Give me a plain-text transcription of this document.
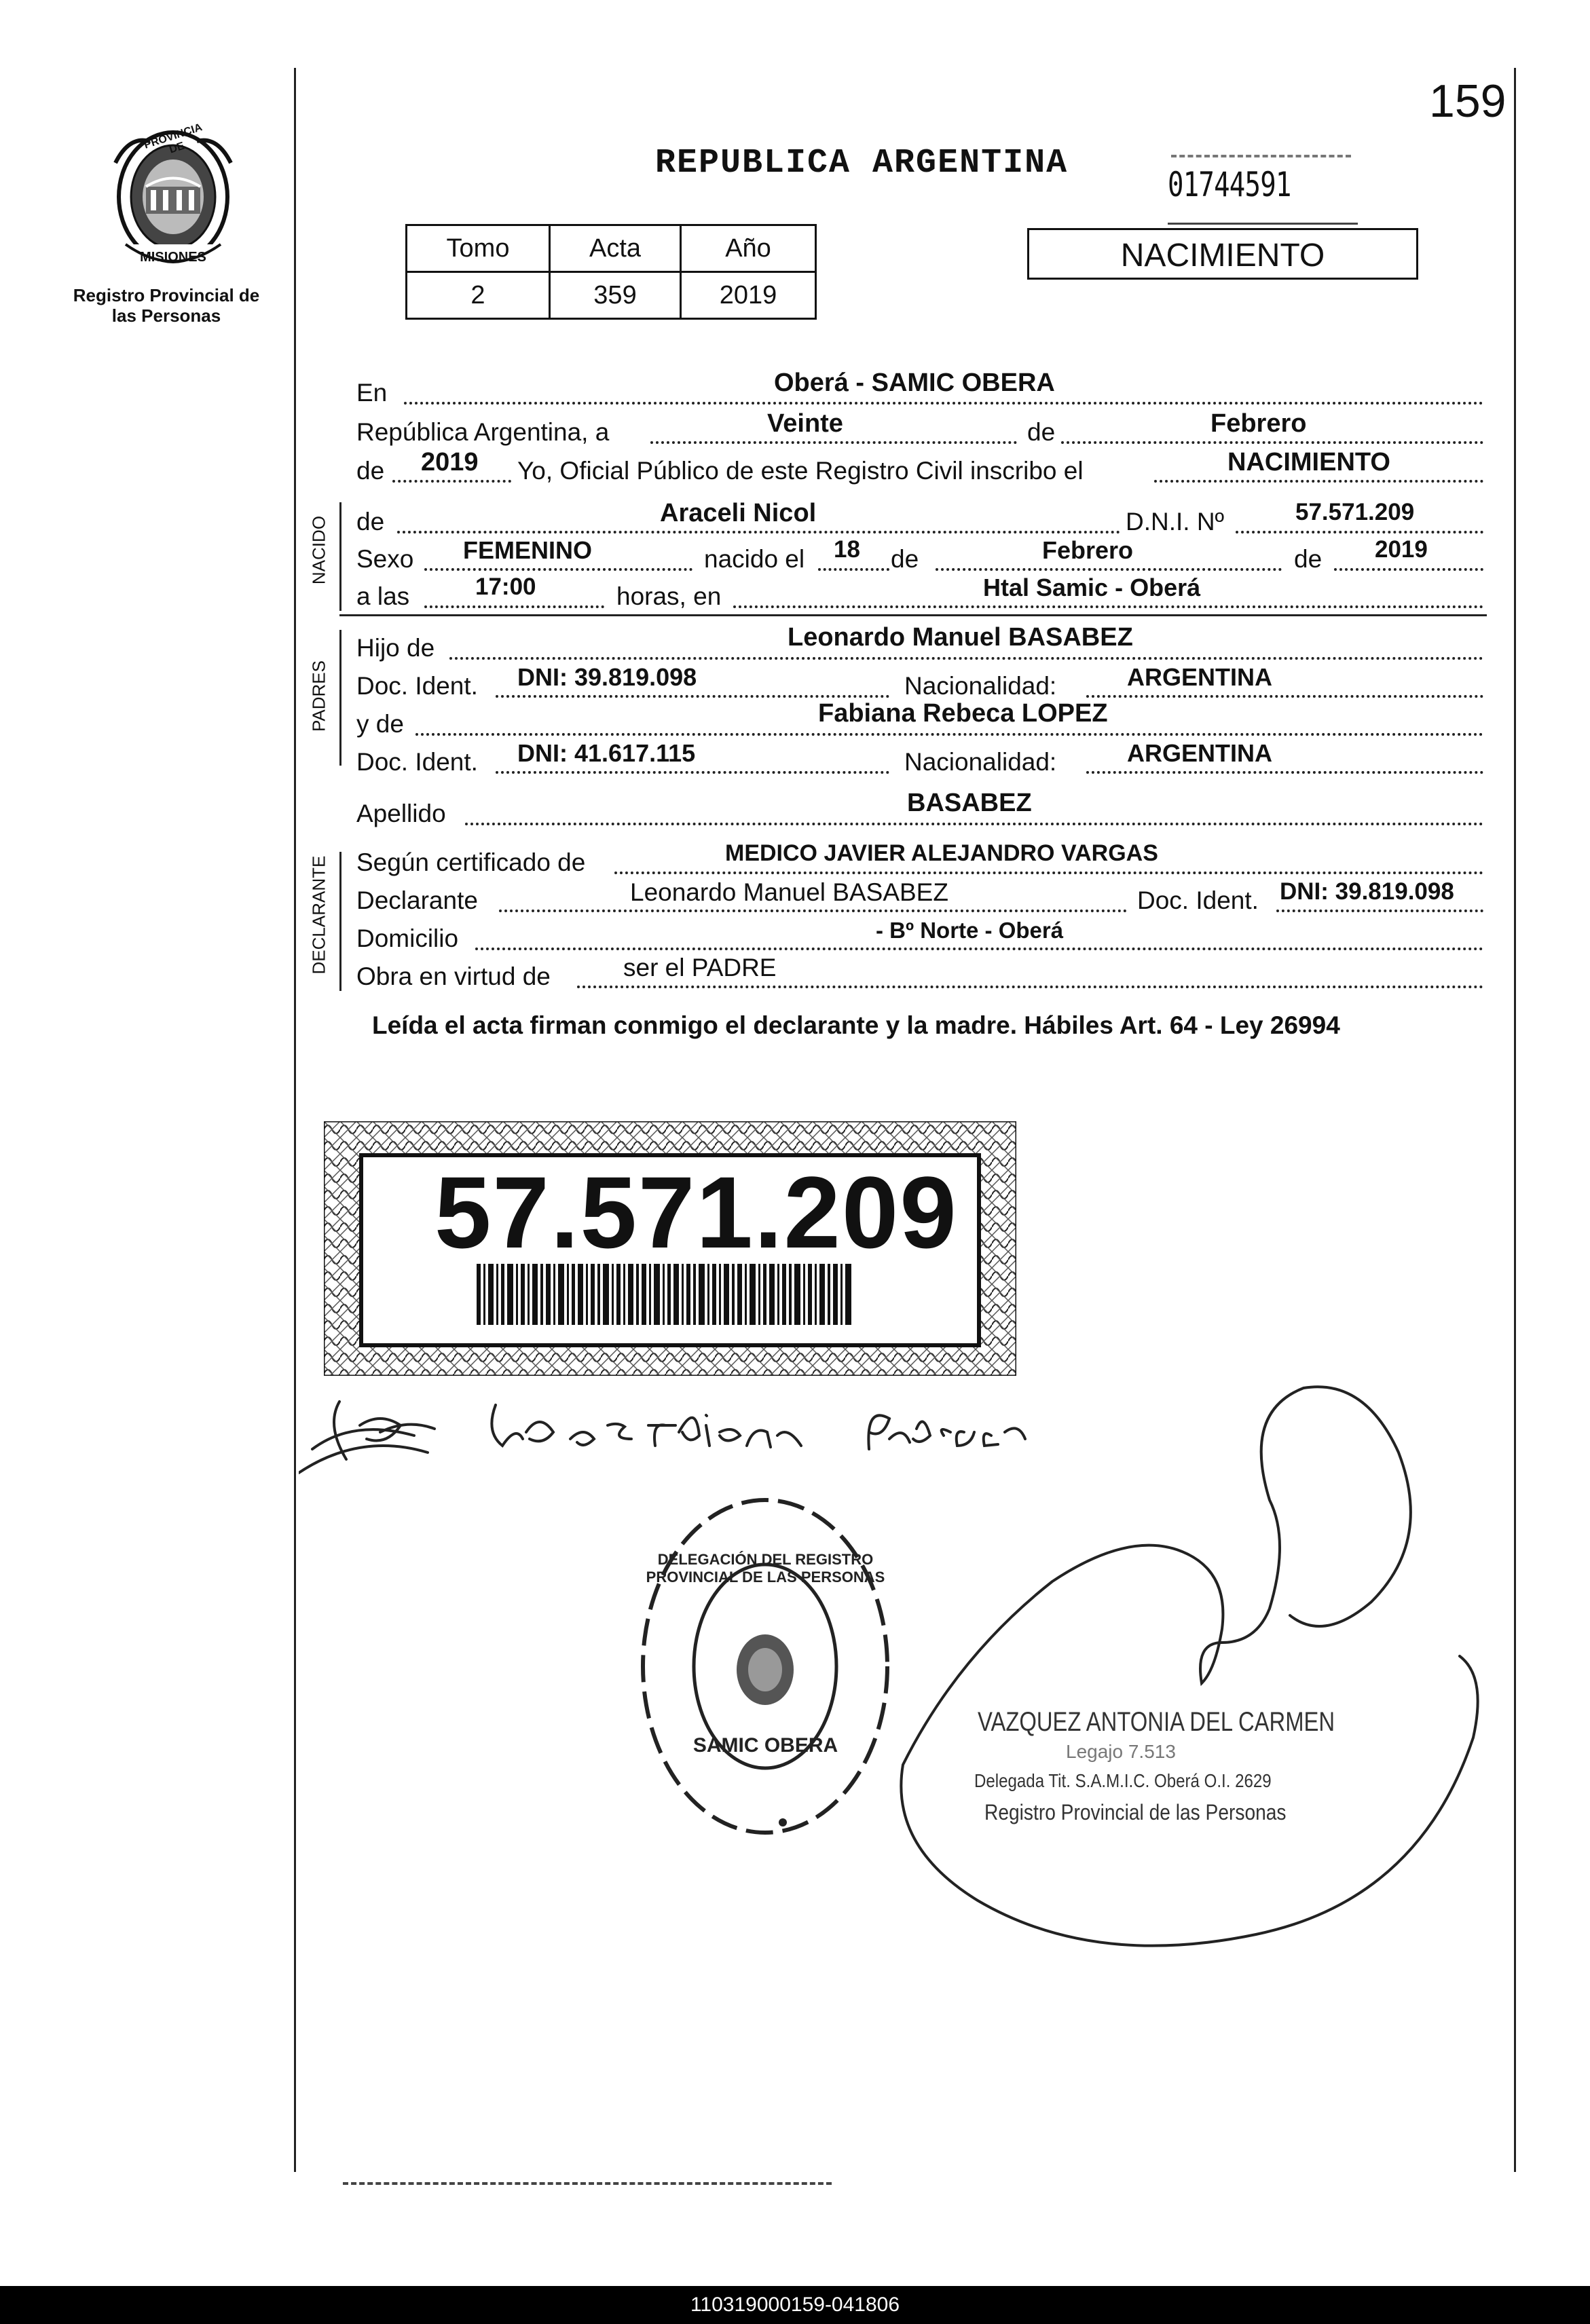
PROVINCIA DE
MISIONES
Registro Provincial de las Personas
159
REPUBLICA ARGENTINA
01744591
Tomo	Acta	Año
2	359	2019
NACIMIENTO
En	Oberá - SAMIC OBERA
República Argentina, a	Veinte	de	Febrero
de 2019 Yo, Oficial Público de este Registro Civil inscribo el	NACIMIENTO
NACIDO de	Araceli Nicol	D.N.I. Nº	57.571.209
Sexo FEMENINO	nacido el 18 de	Febrero	de 2019
a las	17:00	horas, en	Htal Samic - Oberá
PADRES
Hijo de	Leonardo Manuel BASABEZ
Doc. Ident. DNI: 39.819.098	Nacionalidad:	ARGENTINA
y de	Fabiana Rebeca LOPEZ
Doc. Ident. DNI: 41.617.115	Nacionalidad:	ARGENTINA
Apellido	BASABEZ
DECLARANTE Según certificado de	MEDICO JAVIER ALEJANDRO VARGAS
Declarante	Leonardo Manuel BASABEZ	Doc. Ident. DNI: 39.819.098
Domicilio	- Bº Norte - Oberá
Obra en virtud de	ser el PADRE
Leída el acta firman conmigo el declarante y la madre. Hábiles Art. 64 - Ley 26994
57.571.209
DELEGACIÓN DEL REGISTRO PROVINCIAL DE LAS PERSONAS
SAMIC OBERA
VAZQUEZ ANTONIA DEL CARMEN
Legajo 7.513
Delegada Tit. S.A.M.I.C. Oberá O.I. 2629
Registro Provincial de las Personas
110319000159-041806
